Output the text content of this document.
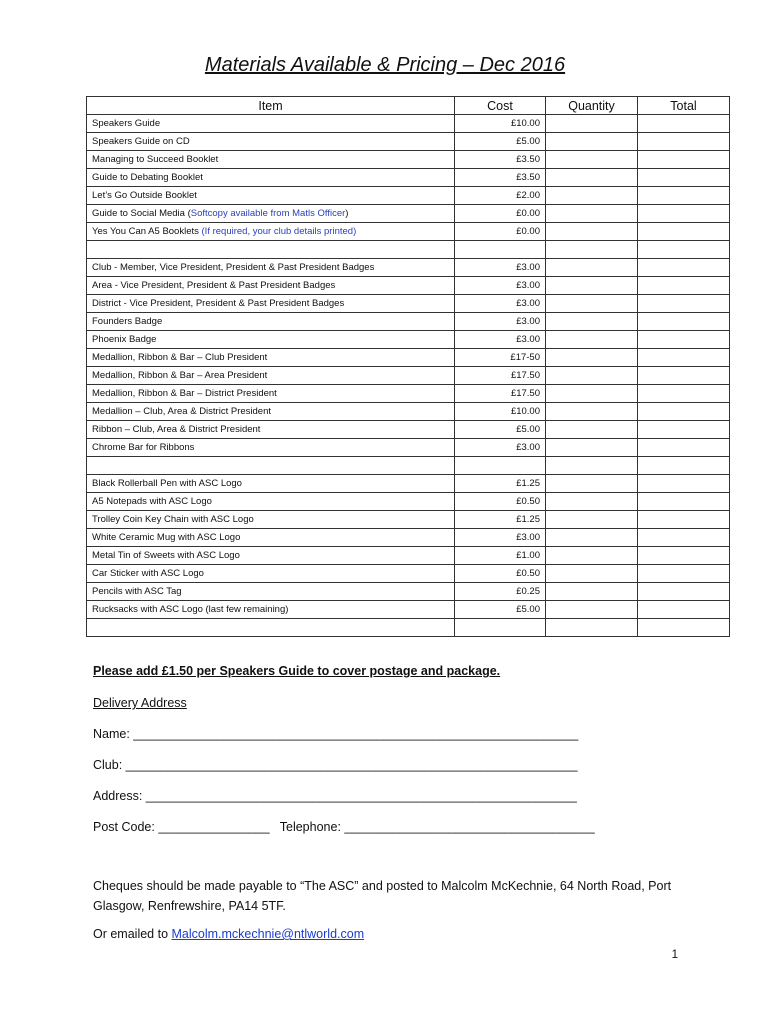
Materials Available & Pricing – Dec 2016
Item	Cost	Quantity	Total
Speakers Guide	£10.00		
Speakers Guide on CD	£5.00		
Managing to Succeed Booklet	£3.50		
Guide to Debating Booklet	£3.50		
Let’s Go Outside Booklet	£2.00		
Guide to Social Media (Softcopy available from Matls Officer)	£0.00		
Yes You Can A5 Booklets (If required, your club details printed)	£0.00		

Club - Member, Vice President, President & Past President Badges	£3.00		
Area - Vice President, President & Past President Badges	£3.00		
District - Vice President, President & Past President Badges	£3.00		
Founders Badge	£3.00		
Phoenix Badge	£3.00		
Medallion, Ribbon & Bar – Club President	£17-50		
Medallion, Ribbon & Bar – Area President	£17.50		
Medallion, Ribbon & Bar – District President	£17.50		
Medallion – Club, Area & District President	£10.00		
Ribbon – Club, Area & District President	£5.00		
Chrome Bar for Ribbons	£3.00		

Black Rollerball Pen with ASC Logo	£1.25		
A5 Notepads with ASC Logo	£0.50		
Trolley Coin Key Chain with ASC Logo	£1.25		
White Ceramic Mug with ASC Logo	£3.00		
Metal Tin of Sweets with ASC Logo	£1.00		
Car Sticker with ASC Logo	£0.50		
Pencils with ASC Tag	£0.25		
Rucksacks with ASC Logo (last few remaining)	£5.00		

Please add £1.50 per Speakers Guide to cover postage and package.
Delivery Address
Name: ________________________________________________________________
Club: _________________________________________________________________
Address: ______________________________________________________________
Post Code: ________________ Telephone: ____________________________________
Cheques should be made payable to “The ASC” and posted to Malcolm McKechnie, 64 North Road, Port Glasgow, Renfrewshire, PA14 5TF.
Or emailed to Malcolm.mckechnie@ntlworld.com
1
